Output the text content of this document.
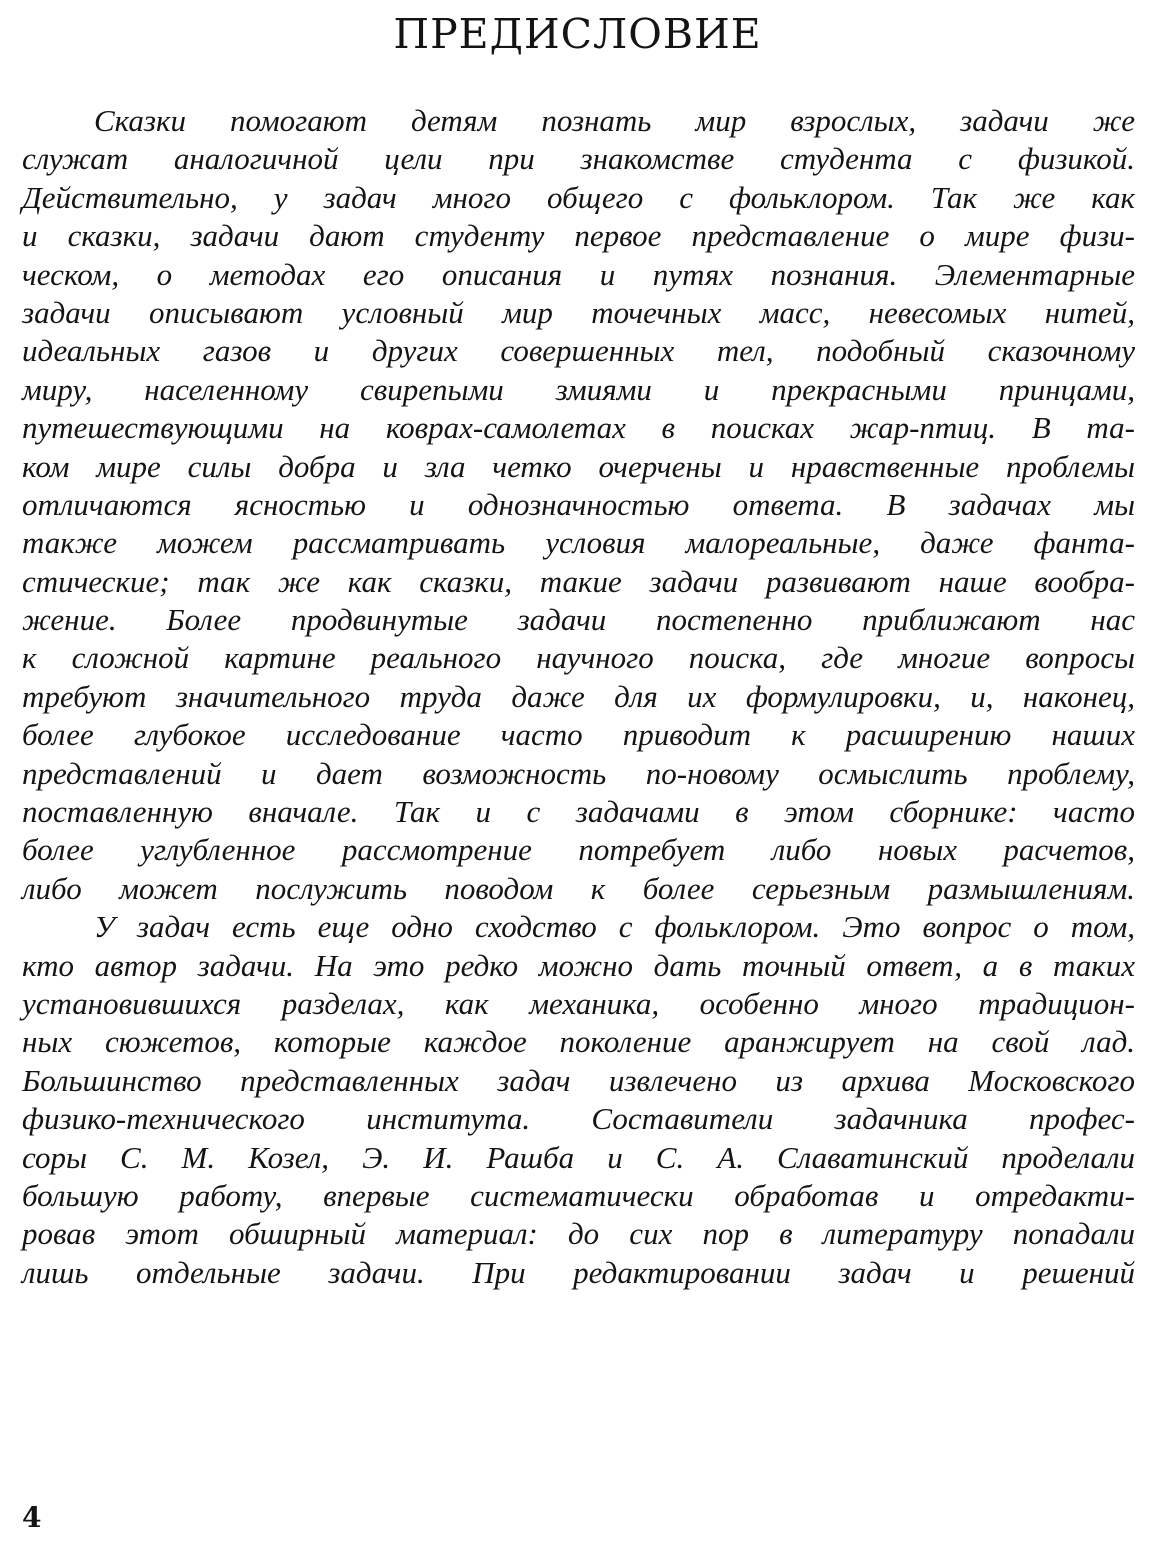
ПРЕДИСЛОВИЕ
Сказки помогают детям познать мир взрослых, задачи же
служат аналогичной цели при знакомстве студента с физикой.
Действительно, у задач много общего с фольклором. Так же как
и сказки, задачи дают студенту первое представление о мире физи-
ческом, о методах его описания и путях познания. Элементарные
задачи описывают условный мир точечных масс, невесомых нитей,
идеальных газов и других совершенных тел, подобный сказочному
миру, населенному свирепыми змиями и прекрасными принцами,
путешествующими на коврах-самолетах в поисках жар-птиц. В та-
ком мире силы добра и зла четко очерчены и нравственные проблемы
отличаются ясностью и однозначностью ответа. В задачах мы
также можем рассматривать условия малореальные, даже фанта-
стические; так же как сказки, такие задачи развивают наше вообра-
жение. Более продвинутые задачи постепенно приближают нас
к сложной картине реального научного поиска, где многие вопросы
требуют значительного труда даже для их формулировки, и, наконец,
более глубокое исследование часто приводит к расширению наших
представлений и дает возможность по-новому осмыслить проблему,
поставленную вначале. Так и с задачами в этом сборнике: часто
более углубленное рассмотрение потребует либо новых расчетов,
либо может послужить поводом к более серьезным размышлениям.
У задач есть еще одно сходство с фольклором. Это вопрос о том,
кто автор задачи. На это редко можно дать точный ответ, а в таких
установившихся разделах, как механика, особенно много традицион-
ных сюжетов, которые каждое поколение аранжирует на свой лад.
Большинство представленных задач извлечено из архива Московского
физико-технического института. Составители задачника профес-
соры С. М. Козел, Э. И. Рашба и С. А. Славатинский проделали
большую работу, впервые систематически обработав и отредакти-
ровав этот обширный материал: до сих пор в литературу попадали
лишь отдельные задачи. При редактировании задач и решений
4
